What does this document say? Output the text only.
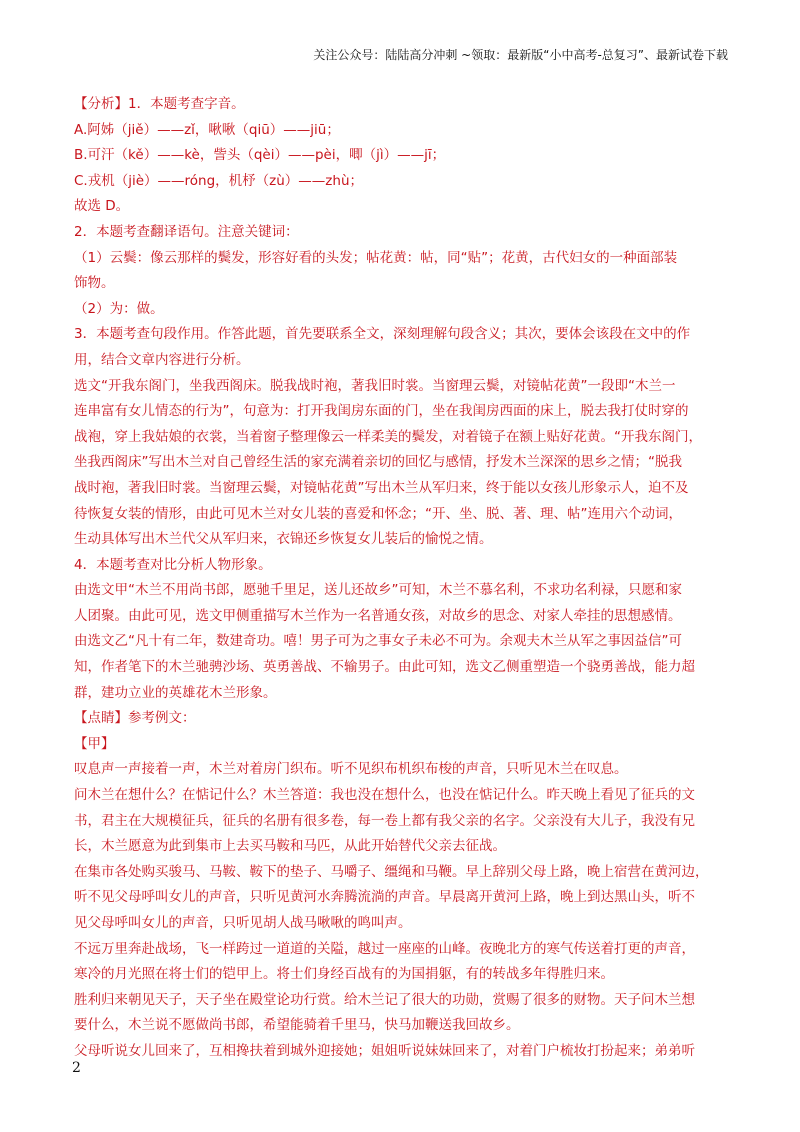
关注公众号：陆陆高分冲刺 ~领取：最新版“小中高考-总复习”、最新试卷下载

【分析】1．本题考查字音。

A.阿姊（jiě）——zǐ，啾啾（qiū）——jiū；

B.可汗（kě）——kè，訾头（qèi）——pèi，唧（jì）——jī；

C.戎机（jiè）——róng，机杼（zù）——zhù；

故选 D。

2．本题考查翻译语句。注意关键词：

（1）云鬓：像云那样的鬓发，形容好看的头发；帖花黄：帖，同“贴”；花黄，古代妇女的一种面部装

饰物。

（2）为：做。

3．本题考查句段作用。作答此题，首先要联系全文，深刻理解句段含义；其次，要体会该段在文中的作

用，结合文章内容进行分析。

选文“开我东阁门，坐我西阁床。脱我战时袍，著我旧时裳。当窗理云鬓，对镜帖花黄”一段即“木兰一

连串富有女儿情态的行为”，句意为：打开我闺房东面的门，坐在我闺房西面的床上，脱去我打仗时穿的

战袍，穿上我姑娘的衣裳，当着窗子整理像云一样柔美的鬓发，对着镜子在额上贴好花黄。“开我东阁门，

坐我西阁床”写出木兰对自己曾经生活的家充满着亲切的回忆与感情，抒发木兰深深的思乡之情；“脱我

战时袍，著我旧时裳。当窗理云鬓，对镜帖花黄”写出木兰从军归来，终于能以女孩儿形象示人，迫不及

待恢复女装的情形，由此可见木兰对女儿装的喜爱和怀念；“开、坐、脱、著、理、帖”连用六个动词，

生动具体写出木兰代父从军归来，衣锦还乡恢复女儿装后的愉悦之情。

4．本题考查对比分析人物形象。

由选文甲“木兰不用尚书郎，愿驰千里足，送儿还故乡”可知，木兰不慕名利，不求功名利禄，只愿和家

人团聚。由此可见，选文甲侧重描写木兰作为一名普通女孩，对故乡的思念、对家人牵挂的思想感情。

由选文乙“凡十有二年，数建奇功。嘻！男子可为之事女子未必不可为。余观夫木兰从军之事因益信”可

知，作者笔下的木兰驰骋沙场、英勇善战、不输男子。由此可知，选文乙侧重塑造一个骁勇善战，能力超

群，建功立业的英雄花木兰形象。

【点睛】参考例文：

【甲】

叹息声一声接着一声，木兰对着房门织布。听不见织布机织布梭的声音，只听见木兰在叹息。

问木兰在想什么？在惦记什么？木兰答道：我也没在想什么，也没在惦记什么。昨天晚上看见了征兵的文

书，君主在大规模征兵，征兵的名册有很多卷，每一卷上都有我父亲的名字。父亲没有大儿子，我没有兄

长，木兰愿意为此到集市上去买马鞍和马匹，从此开始替代父亲去征战。

在集市各处购买骏马、马鞍、鞍下的垫子、马嚼子、缰绳和马鞭。早上辞别父母上路，晚上宿营在黄河边，

听不见父母呼叫女儿的声音，只听见黄河水奔腾流淌的声音。早晨离开黄河上路，晚上到达黑山头，听不

见父母呼叫女儿的声音，只听见胡人战马啾啾的鸣叫声。

不远万里奔赴战场，飞一样跨过一道道的关隘，越过一座座的山峰。夜晚北方的寒气传送着打更的声音，

寒冷的月光照在将士们的铠甲上。将士们身经百战有的为国捐躯，有的转战多年得胜归来。

胜利归来朝见天子，天子坐在殿堂论功行赏。给木兰记了很大的功勋，赏赐了很多的财物。天子问木兰想

要什么，木兰说不愿做尚书郎，希望能骑着千里马，快马加鞭送我回故乡。

父母听说女儿回来了，互相搀扶着到城外迎接她；姐姐听说妹妹回来了，对着门户梳妆打扮起来；弟弟听

2
